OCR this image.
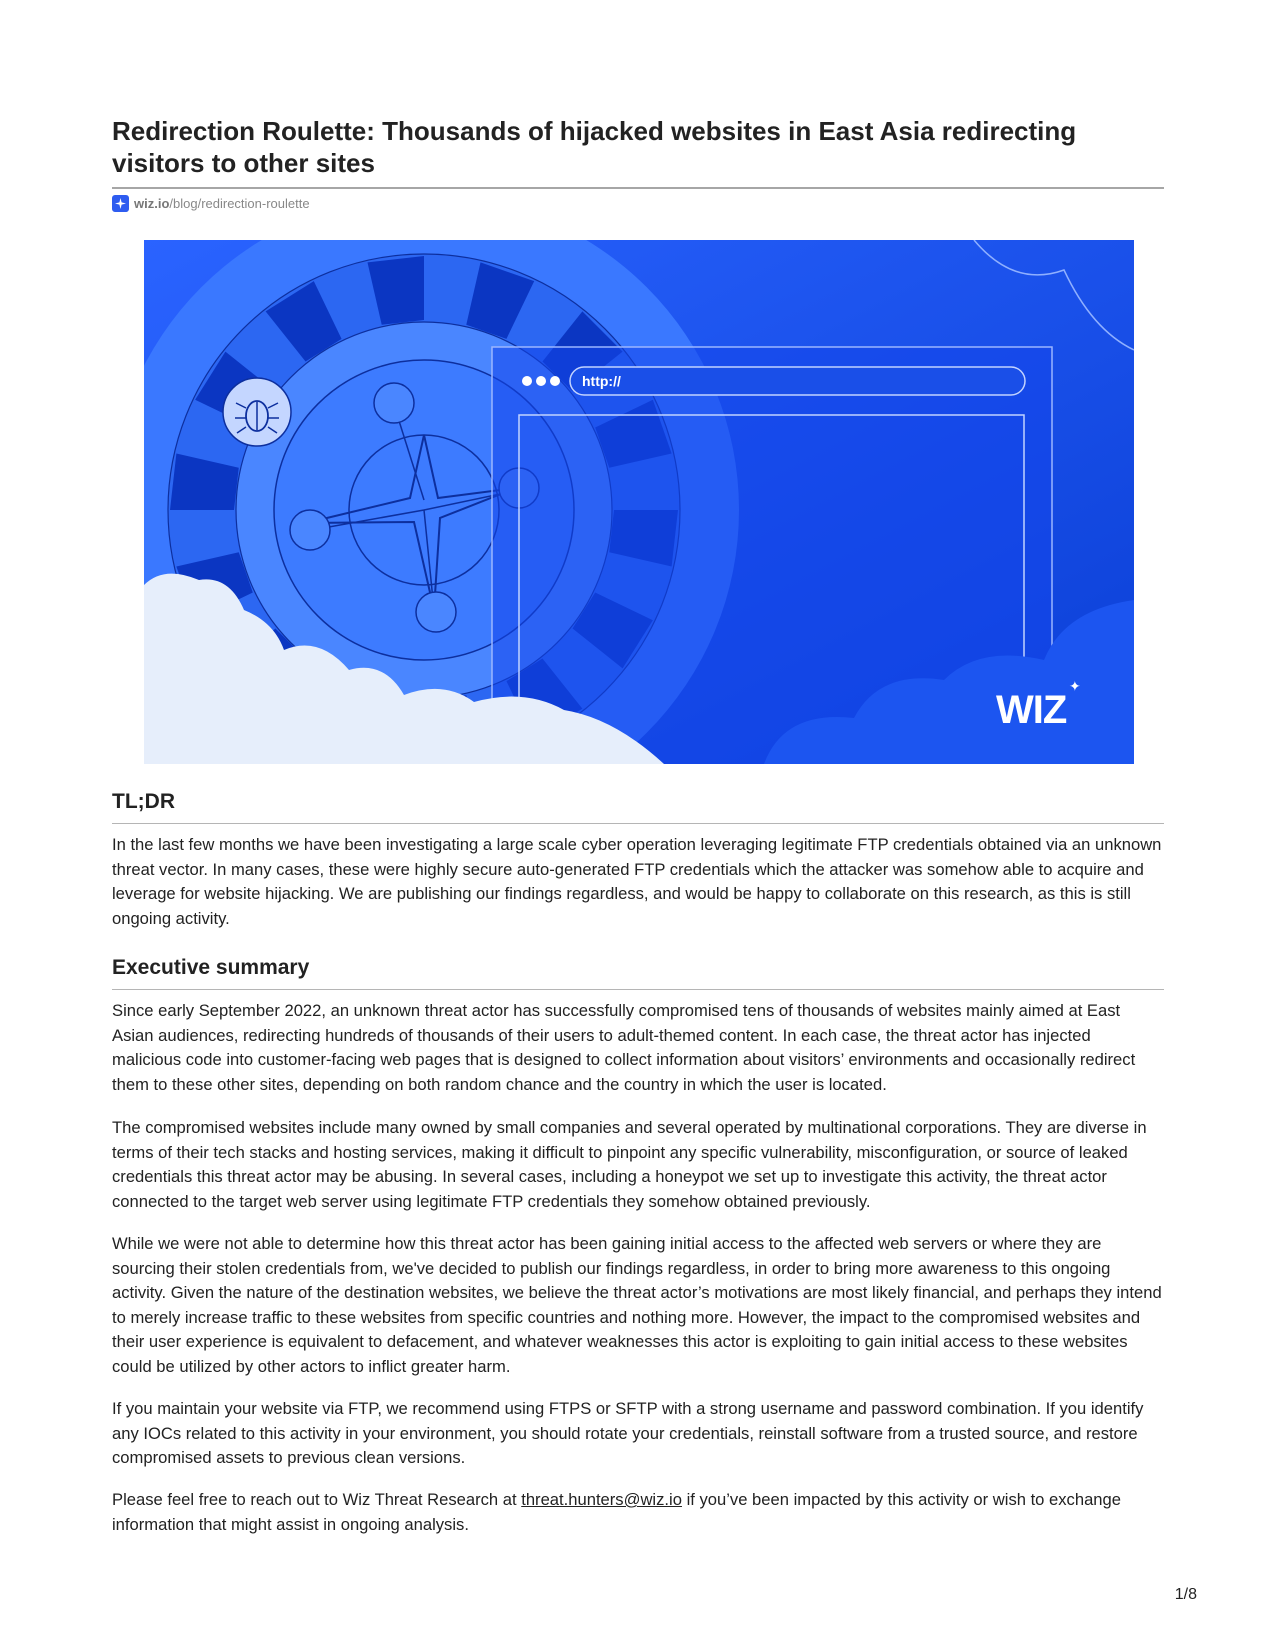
Redirection Roulette: Thousands of hijacked websites in East Asia redirecting visitors to other sites
wiz.io /blog/redirection-roulette
http://
WIZ
✦
TL;DR

In the last few months we have been investigating a large scale cyber operation leveraging legitimate FTP credentials obtained via an unknown threat vector. In many cases, these were highly secure auto-generated FTP credentials which the attacker was somehow able to acquire and leverage for website hijacking. We are publishing our findings regardless, and would be happy to collaborate on this research, as this is still ongoing activity.

Executive summary

Since early September 2022, an unknown threat actor has successfully compromised tens of thousands of websites mainly aimed at East Asian audiences, redirecting hundreds of thousands of their users to adult-themed content. In each case, the threat actor has injected malicious code into customer-facing web pages that is designed to collect information about visitors’ environments and occasionally redirect them to these other sites, depending on both random chance and the country in which the user is located.

The compromised websites include many owned by small companies and several operated by multinational corporations. They are diverse in terms of their tech stacks and hosting services, making it difficult to pinpoint any specific vulnerability, misconfiguration, or source of leaked credentials this threat actor may be abusing. In several cases, including a honeypot we set up to investigate this activity, the threat actor connected to the target web server using legitimate FTP credentials they somehow obtained previously.

While we were not able to determine how this threat actor has been gaining initial access to the affected web servers or where they are sourcing their stolen credentials from, we've decided to publish our findings regardless, in order to bring more awareness to this ongoing activity. Given the nature of the destination websites, we believe the threat actor’s motivations are most likely financial, and perhaps they intend to merely increase traffic to these websites from specific countries and nothing more. However, the impact to the compromised websites and their user experience is equivalent to defacement, and whatever weaknesses this actor is exploiting to gain initial access to these websites could be utilized by other actors to inflict greater harm.

If you maintain your website via FTP, we recommend using FTPS or SFTP with a strong username and password combination. If you identify any IOCs related to this activity in your environment, you should rotate your credentials, reinstall software from a trusted source, and restore compromised assets to previous clean versions.

Please feel free to reach out to Wiz Threat Research at threat.hunters@wiz.io if you’ve been impacted by this activity or wish to exchange information that might assist in ongoing analysis.

1/8
